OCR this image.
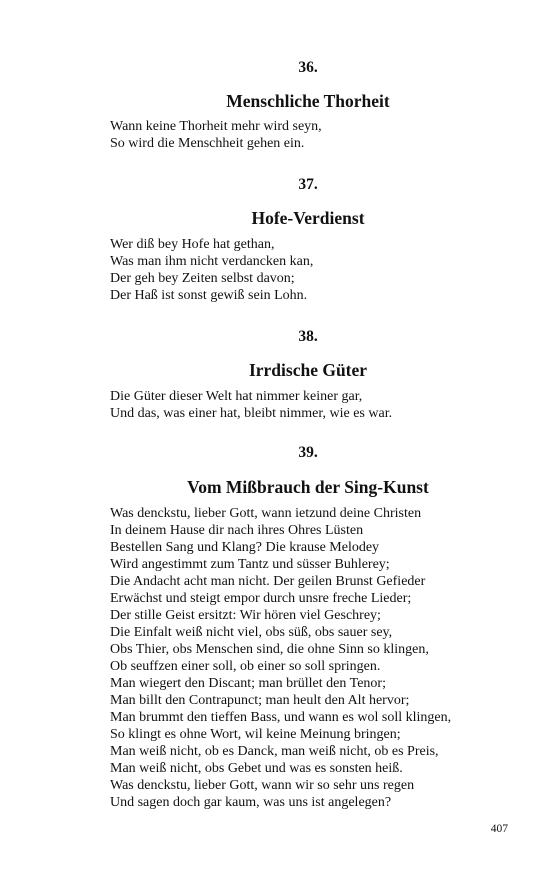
36.
Menschliche Thorheit
Wann keine Thorheit mehr wird seyn,
So wird die Menschheit gehen ein.
37.
Hofe-Verdienst
Wer diß bey Hofe hat gethan,
Was man ihm nicht verdancken kan,
Der geh bey Zeiten selbst davon;
Der Haß ist sonst gewiß sein Lohn.
38.
Irrdische Güter
Die Güter dieser Welt hat nimmer keiner gar,
Und das, was einer hat, bleibt nimmer, wie es war.
39.
Vom Mißbrauch der Sing-Kunst
Was denckstu, lieber Gott, wann ietzund deine Christen
In deinem Hause dir nach ihres Ohres Lüsten
Bestellen Sang und Klang? Die krause Melodey
Wird angestimmt zum Tantz und süsser Buhlerey;
Die Andacht acht man nicht. Der geilen Brunst Gefieder
Erwächst und steigt empor durch unsre freche Lieder;
Der stille Geist ersitzt: Wir hören viel Geschrey;
Die Einfalt weiß nicht viel, obs süß, obs sauer sey,
Obs Thier, obs Menschen sind, die ohne Sinn so klingen,
Ob seuffzen einer soll, ob einer so soll springen.
Man wiegert den Discant; man brüllet den Tenor;
Man billt den Contrapunct; man heult den Alt hervor;
Man brummt den tieffen Bass, und wann es wol soll klingen,
So klingt es ohne Wort, wil keine Meinung bringen;
Man weiß nicht, ob es Danck, man weiß nicht, ob es Preis,
Man weiß nicht, obs Gebet und was es sonsten heiß.
Was denckstu, lieber Gott, wann wir so sehr uns regen
Und sagen doch gar kaum, was uns ist angelegen?
407
